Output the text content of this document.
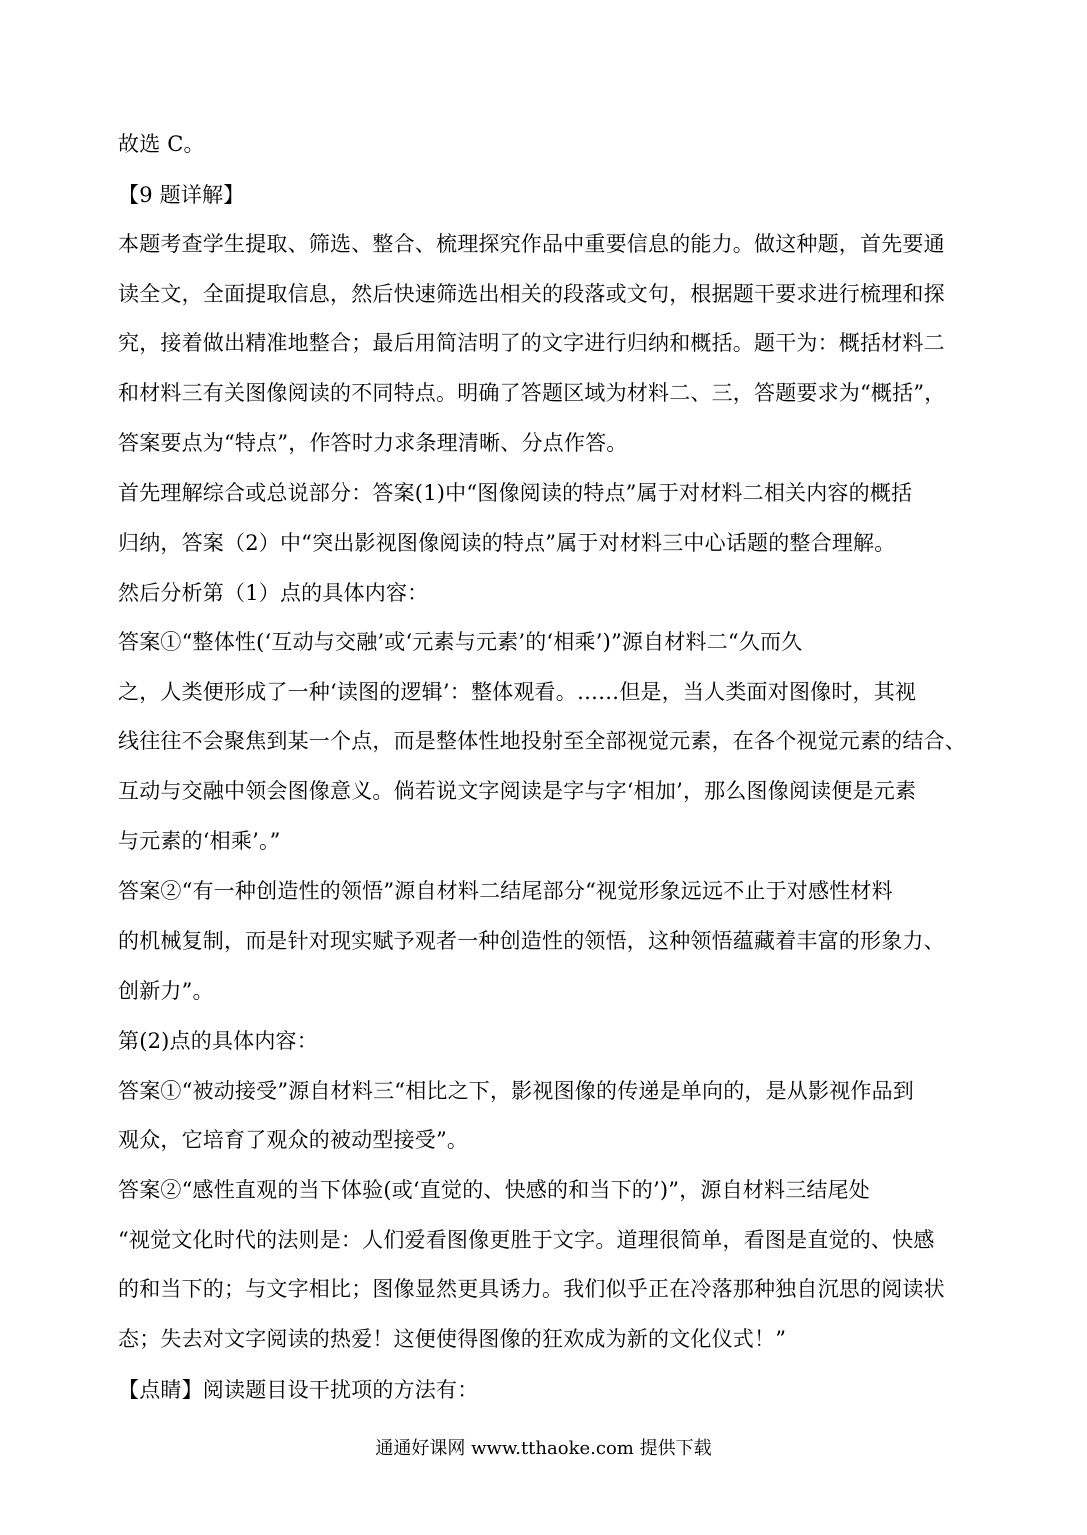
故选 C。
【9 题详解】
本题考查学生提取、筛选、整合、梳理探究作品中重要信息的能力。做这种题，首先要通
读全文，全面提取信息，然后快速筛选出相关的段落或文句，根据题干要求进行梳理和探
究，接着做出精准地整合；最后用简洁明了的文字进行归纳和概括。题干为：概括材料二
和材料三有关图像阅读的不同特点。明确了答题区域为材料二、三，答题要求为“概括”，
答案要点为“特点”，作答时力求条理清晰、分点作答。
首先理解综合或总说部分：答案(1)中“图像阅读的特点”属于对材料二相关内容的概括
归纳，答案（2）中“突出影视图像阅读的特点”属于对材料三中心话题的整合理解。
然后分析第（1）点的具体内容：
答案①“整体性(‘互动与交融’或‘元素与元素’的‘相乘’)”源自材料二“久而久
之，人类便形成了一种‘读图的逻辑’：整体观看。……但是，当人类面对图像时，其视
线往往不会聚焦到某一个点，而是整体性地投射至全部视觉元素，在各个视觉元素的结合、
互动与交融中领会图像意义。倘若说文字阅读是字与字‘相加’，那么图像阅读便是元素
与元素的‘相乘’。”
答案②“有一种创造性的领悟”源自材料二结尾部分“视觉形象远远不止于对感性材料
的机械复制，而是针对现实赋予观者一种创造性的领悟，这种领悟蕴藏着丰富的形象力、
创新力”。
第(2)点的具体内容：
答案①“被动接受”源自材料三“相比之下，影视图像的传递是单向的，是从影视作品到
观众，它培育了观众的被动型接受”。
答案②“感性直观的当下体验(或‘直觉的、快感的和当下的’)”，源自材料三结尾处
“视觉文化时代的法则是：人们爱看图像更胜于文字。道理很简单，看图是直觉的、快感
的和当下的；与文字相比；图像显然更具诱力。我们似乎正在冷落那种独自沉思的阅读状
态；失去对文字阅读的热爱！这便使得图像的狂欢成为新的文化仪式！”
【点睛】阅读题目设干扰项的方法有：
通通好课网 www.tthaoke.com 提供下载
